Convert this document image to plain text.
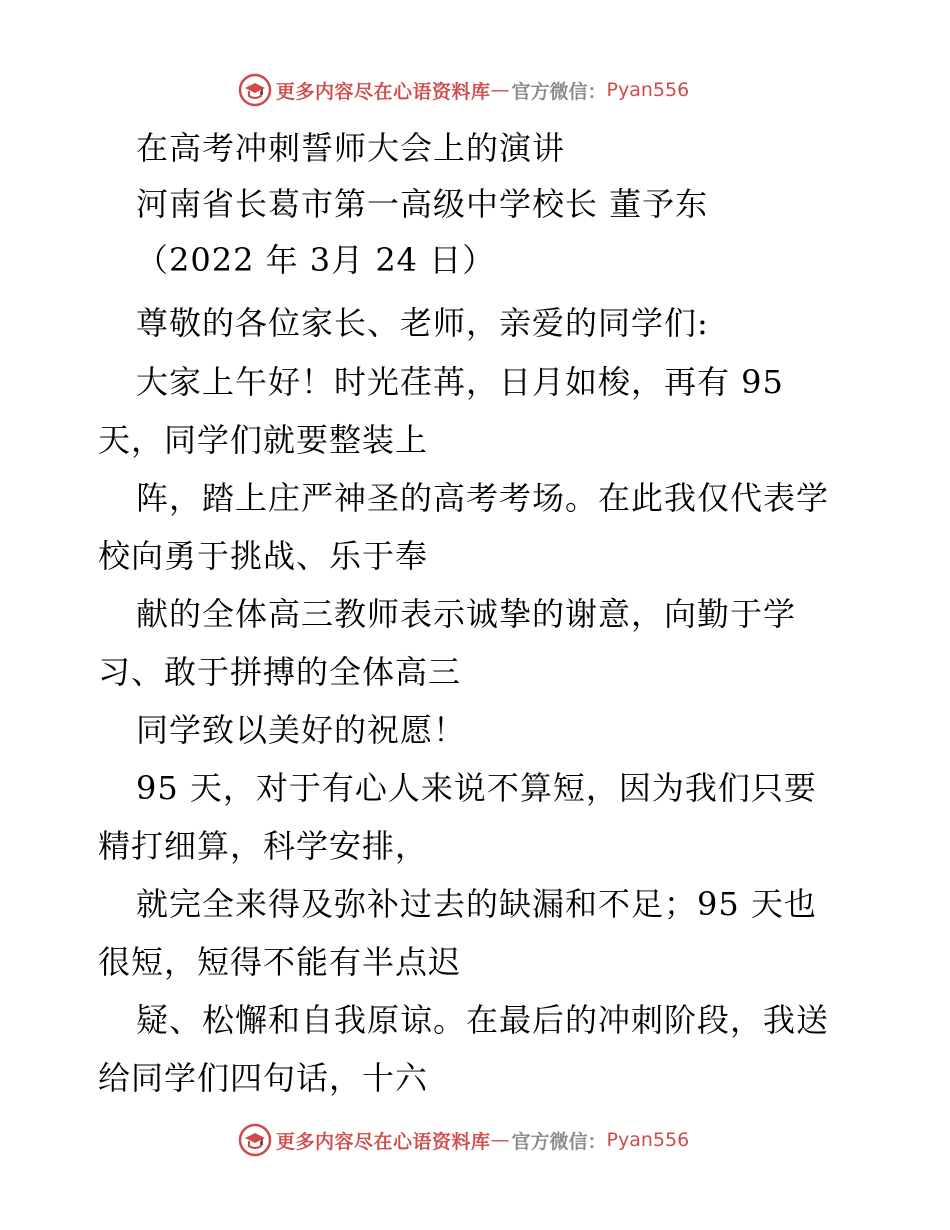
更多内容尽在心语资料库 — 官方微信： Pyan556
在高考冲刺誓师大会上的演讲
河南省长葛市第一高级中学校长 董予东
（2022 年 3月 24 日）
尊敬的各位家长、老师，亲爱的同学们:
大家上午好！时光荏苒，日月如梭，再有 95
天，同学们就要整装上
阵，踏上庄严神圣的高考考场。在此我仅代表学
校向勇于挑战、乐于奉
献的全体高三教师表示诚挚的谢意，向勤于学
习、敢于拼搏的全体高三
同学致以美好的祝愿！
95 天，对于有心人来说不算短，因为我们只要
精打细算，科学安排，
就完全来得及弥补过去的缺漏和不足；95 天也
很短，短得不能有半点迟
疑、松懈和自我原谅。在最后的冲刺阶段，我送
给同学们四句话，十六
更多内容尽在心语资料库 — 官方微信： Pyan556
